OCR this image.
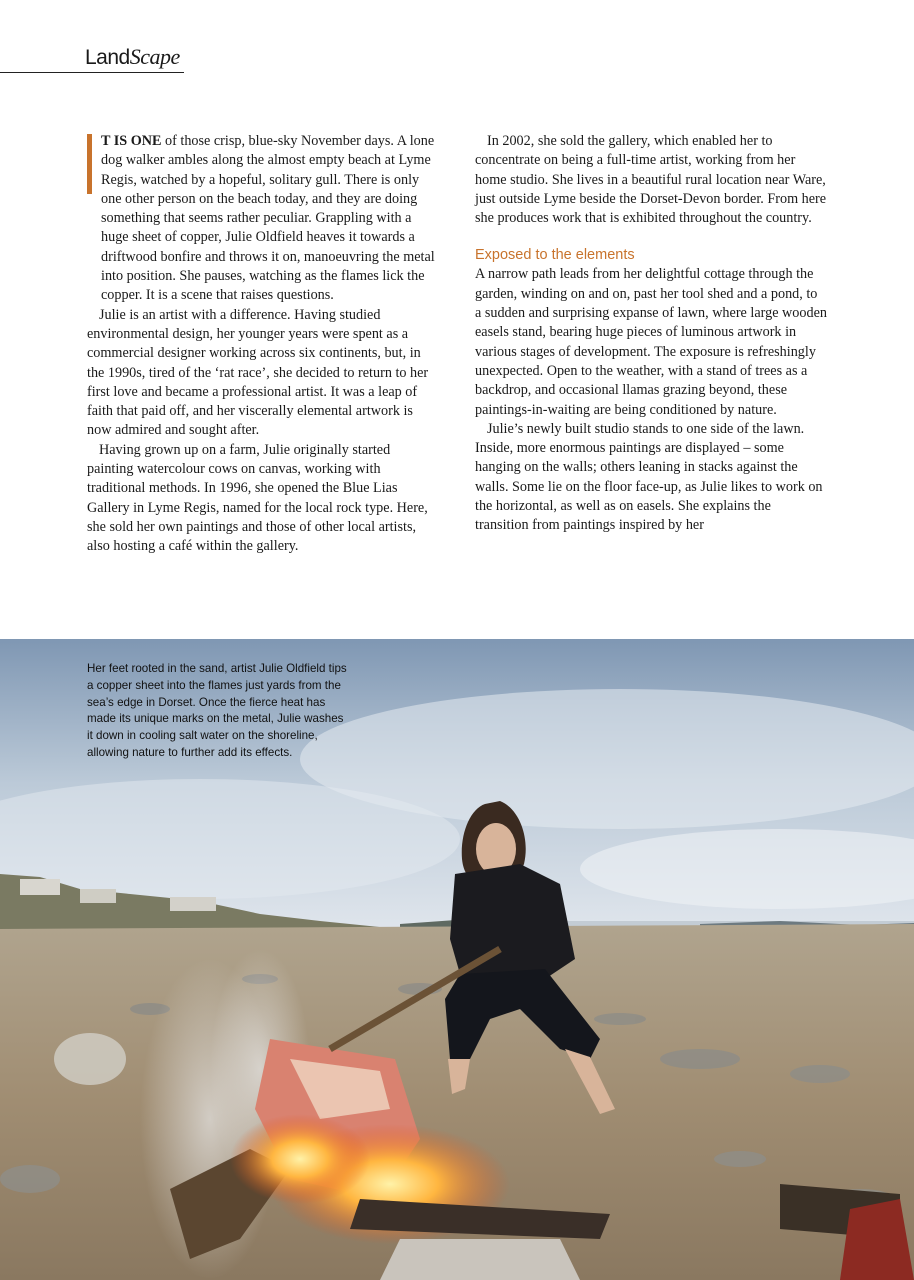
LandScape

T IS ONE of those crisp, blue-sky November days. A lone dog walker ambles along the almost empty beach at Lyme Regis, watched by a hopeful, solitary gull. There is only one other person on the beach today, and they are doing something that seems rather peculiar. Grappling with a huge sheet of copper, Julie Oldfield heaves it towards a driftwood bonfire and throws it on, manoeuvring the metal into position. She pauses, watching as the flames lick the copper. It is a scene that raises questions.

Julie is an artist with a difference. Having studied environmental design, her younger years were spent as a commercial designer working across six continents, but, in the 1990s, tired of the ‘rat race’, she decided to return to her first love and became a professional artist. It was a leap of faith that paid off, and her viscerally elemental artwork is now admired and sought after.

Having grown up on a farm, Julie originally started painting watercolour cows on canvas, working with traditional methods. In 1996, she opened the Blue Lias Gallery in Lyme Regis, named for the local rock type. Here, she sold her own paintings and those of other local artists, also hosting a café within the gallery.

In 2002, she sold the gallery, which enabled her to concentrate on being a full-time artist, working from her home studio. She lives in a beautiful rural location near Ware, just outside Lyme beside the Dorset-Devon border. From here she produces work that is exhibited throughout the country.

Exposed to the elements

A narrow path leads from her delightful cottage through the garden, winding on and on, past her tool shed and a pond, to a sudden and surprising expanse of lawn, where large wooden easels stand, bearing huge pieces of luminous artwork in various stages of development. The exposure is refreshingly unexpected. Open to the weather, with a stand of trees as a backdrop, and occasional llamas grazing beyond, these paintings-in-waiting are being conditioned by nature.

Julie’s newly built studio stands to one side of the lawn. Inside, more enormous paintings are displayed – some hanging on the walls; others leaning in stacks against the walls. Some lie on the floor face-up, as Julie likes to work on the horizontal, as well as on easels. She explains the transition from paintings inspired by her

Her feet rooted in the sand, artist Julie Oldfield tips a copper sheet into the flames just yards from the sea’s edge in Dorset. Once the fierce heat has made its unique marks on the metal, Julie washes it down in cooling salt water on the shoreline, allowing nature to further add its effects.
